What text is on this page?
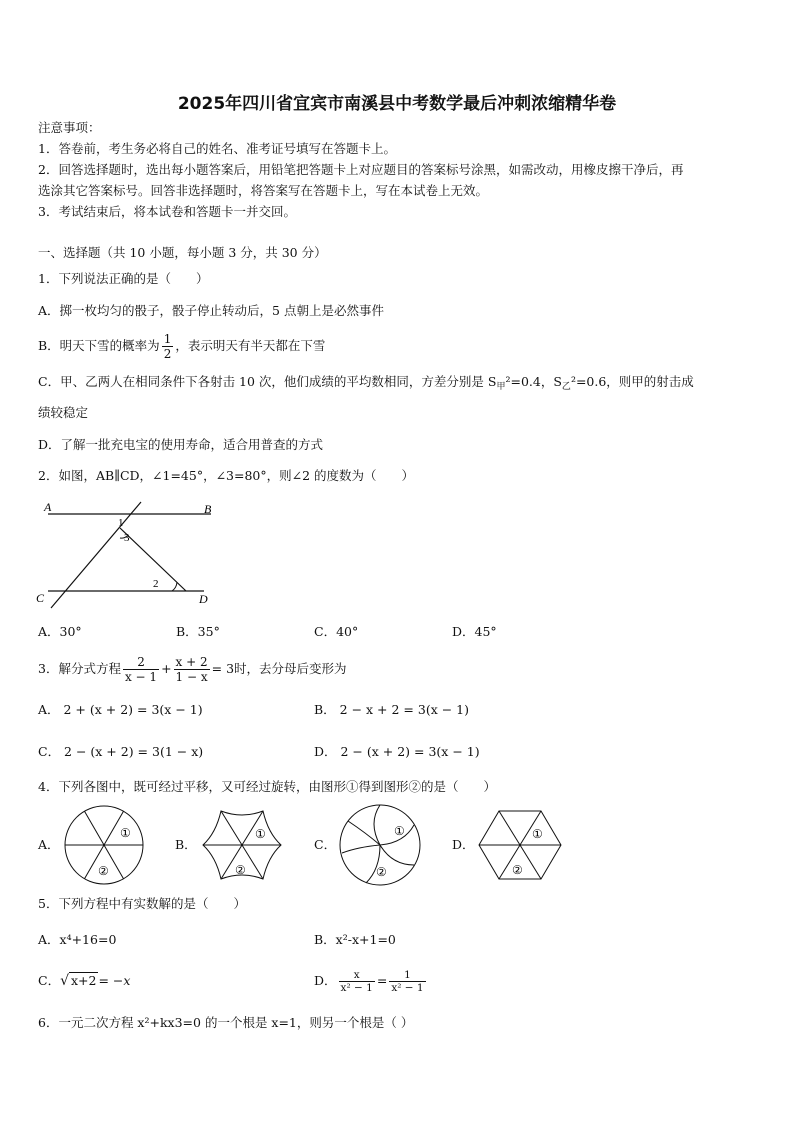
2025年四川省宜宾市南溪县中考数学最后冲刺浓缩精华卷
注意事项：
1．答卷前，考生务必将自己的姓名、准考证号填写在答题卡上。
2．回答选择题时，选出每小题答案后，用铅笔把答题卡上对应题目的答案标号涂黑，如需改动，用橡皮擦干净后，再
选涂其它答案标号。回答非选择题时，将答案写在答题卡上，写在本试卷上无效。
3．考试结束后，将本试卷和答题卡一并交回。
一、选择题（共 10 小题，每小题 3 分，共 30 分）
1．下列说法正确的是（　　）
A．掷一枚均匀的骰子，骰子停止转动后，5 点朝上是必然事件
B．明天下雪的概率为 $\frac{1}{2}$ ，表示明天有半天都在下雪
C．甲、乙两人在相同条件下各射击 10 次，他们成绩的平均数相同，方差分别是 $S_甲^2=0.4$，$S_乙^2=0.6$，则甲的射击成
绩较稳定
D．了解一批充电宝的使用寿命，适合用普查的方式
2．如图，AB∥CD，∠1=45°，∠3=80°，则∠2 的度数为（　　）
A	B
C	D
1
3
2
A．30°	B．35°	C．40°	D．45°
3．解分式方程 $\frac{2}{x - 1} + \frac{x + 2}{1 - x} = 3$时，去分母后变形为
A． 2 + (x + 2) = 3(x − 1)	B． 2 − x + 2 = 3(x − 1)
C． 2 − (x + 2) = 3(1 − x)	D． 2 − (x + 2) = 3(x − 1)
4．下列各图中，既可经过平移，又可经过旋转，由图形①得到图形②的是（　　）
A．
①
②
B．
①
②
C．
①
②
D．
①
②
5．下列方程中有实数解的是（　　）
A．x⁴+16=0	B．x²-x+1=0
C．√ x+2 = −x	D． $\frac{x}{\text{x² − 1}} = \frac{1}{\text{x² − 1}}$
6．一元二次方程 x²+kx3=0 的一个根是 x=1，则另一个根是（ ）
